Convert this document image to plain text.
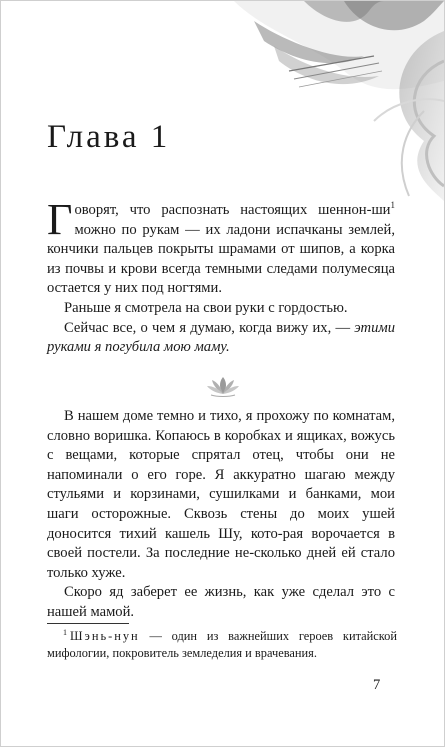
Глава 1

Говорят, что распознать настоящих шеннон-ши$^1$ можно по рукам — их ладони испачканы землей, кончики пальцев покрыты шрамами от шипов, а корка из почвы и крови всегда темными следами полумесяца остается у них под ногтями.

Раньше я смотрела на свои руки с гордостью.

Сейчас все, о чем я думаю, когда вижу их, — этими руками я погубила мою маму.

В нашем доме темно и тихо, я прохожу по комнатам, словно воришка. Копаюсь в коробках и ящиках, вожусь с вещами, которые спрятал отец, чтобы они не напоминали о его горе. Я аккуратно шагаю между стульями и корзинами, сушилками и банками, мои шаги осторожные. Сквозь стены до моих ушей доносится тихий кашель Шу, кото-рая ворочается в своей постели. За последние не-сколько дней ей стало только хуже.

Скоро яд заберет ее жизнь, как уже сделал это с нашей мамой.

$^1$ Шэнь-нун — один из важнейших героев китайской мифологии, покровитель земледелия и врачевания.

7
